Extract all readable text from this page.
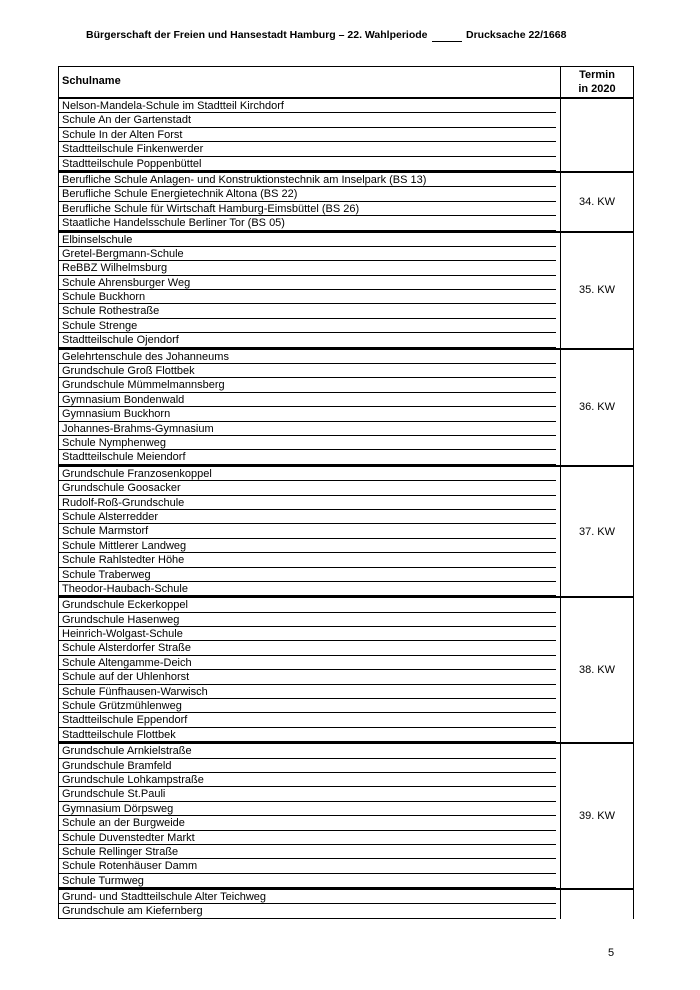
Bürgerschaft der Freien und Hansestadt Hamburg – 22. Wahlperiode	Drucksache 22/1668
Schulname	Termin
in 2020
Nelson-Mandela-Schule im Stadtteil Kirchdorf
Schule An der Gartenstadt
Schule In der Alten Forst
Stadtteilschule Finkenwerder
Stadtteilschule Poppenbüttel
Berufliche Schule Anlagen- und Konstruktionstechnik am Inselpark (BS 13)
Berufliche Schule Energietechnik Altona (BS 22)
Berufliche Schule für Wirtschaft Hamburg-Eimsbüttel (BS 26)
Staatliche Handelsschule Berliner Tor (BS 05)
34. KW
Elbinselschule
Gretel-Bergmann-Schule
ReBBZ Wilhelmsburg
Schule Ahrensburger Weg
Schule Buckhorn
Schule Rothestraße
Schule Strenge
Stadtteilschule Ojendorf
35. KW
Gelehrtenschule des Johanneums
Grundschule Groß Flottbek
Grundschule Mümmelmannsberg
Gymnasium Bondenwald
Gymnasium Buckhorn
Johannes-Brahms-Gymnasium
Schule Nymphenweg
Stadtteilschule Meiendorf
36. KW
Grundschule Franzosenkoppel
Grundschule Goosacker
Rudolf-Roß-Grundschule
Schule Alsterredder
Schule Marmstorf
Schule Mittlerer Landweg
Schule Rahlstedter Höhe
Schule Traberweg
Theodor-Haubach-Schule
37. KW
Grundschule Eckerkoppel
Grundschule Hasenweg
Heinrich-Wolgast-Schule
Schule Alsterdorfer Straße
Schule Altengamme-Deich
Schule auf der Uhlenhorst
Schule Fünfhausen-Warwisch
Schule Grützmühlenweg
Stadtteilschule Eppendorf
Stadtteilschule Flottbek
38. KW
Grundschule Arnkielstraße
Grundschule Bramfeld
Grundschule Lohkampstraße
Grundschule St.Pauli
Gymnasium Dörpsweg
Schule an der Burgweide
Schule Duvenstedter Markt
Schule Rellinger Straße
Schule Rotenhäuser Damm
Schule Turmweg
39. KW
Grund- und Stadtteilschule Alter Teichweg
Grundschule am Kiefernberg
5
